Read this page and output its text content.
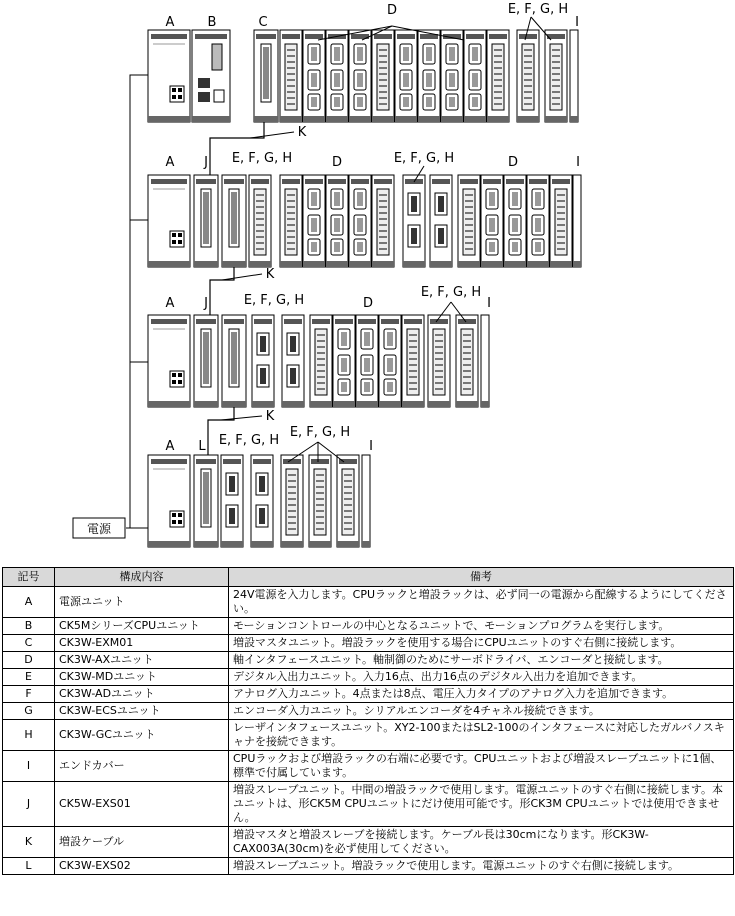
電源
A	B	C
D	E, F, G, H
I
K
A J E, F, G, H	D	E, F, G, H	D	I
K
A J	E, F, G, H	D
E, F, G, H
I
K
A L E, F, G, H
E, F, G, H
I
記号	構成内容	備考
A	電源ユニット	24V電源を入力します。CPUラックと増設ラックは、必ず同一の電源から配線するようにしてください。
B	CK5MシリーズCPUユニット	モーションコントロールの中心となるユニットで、モーションプログラムを実行します。
C	CK3W-EXM01	増設マスタユニット。増設ラックを使用する場合にCPUユニットのすぐ右側に接続します。
D	CK3W-AXユニット	軸インタフェースユニット。軸制御のためにサーボドライバ、エンコーダと接続します。
E	CK3W-MDユニット	デジタル入出力ユニット。入力16点、出力16点のデジタル入出力を追加できます。
F	CK3W-ADユニット	アナログ入力ユニット。4点または8点、電圧入力タイプのアナログ入力を追加できます。
G	CK3W-ECSユニット	エンコーダ入力ユニット。シリアルエンコーダを4チャネル接続できます。
H	CK3W-GCユニット	レーザインタフェースユニット。XY2-100またはSL2-100のインタフェースに対応したガルバノスキャナを接続できます。
I	エンドカバー	CPUラックおよび増設ラックの右端に必要です。CPUユニットおよび増設スレーブユニットに1個、標準で付属しています。
J	CK5W-EXS01	増設スレーブユニット。中間の増設ラックで使用します。電源ユニットのすぐ右側に接続します。本ユニットは、形CK5M CPUユニットにだけ使用可能です。形CK3M CPUユニットでは使用できません。
K	増設ケーブル	増設マスタと増設スレーブを接続します。ケーブル長は30cmになります。形CK3W-CAX003A(30cm)を必ず使用してください。
L	CK3W-EXS02	増設スレーブユニット。増設ラックで使用します。電源ユニットのすぐ右側に接続します。
